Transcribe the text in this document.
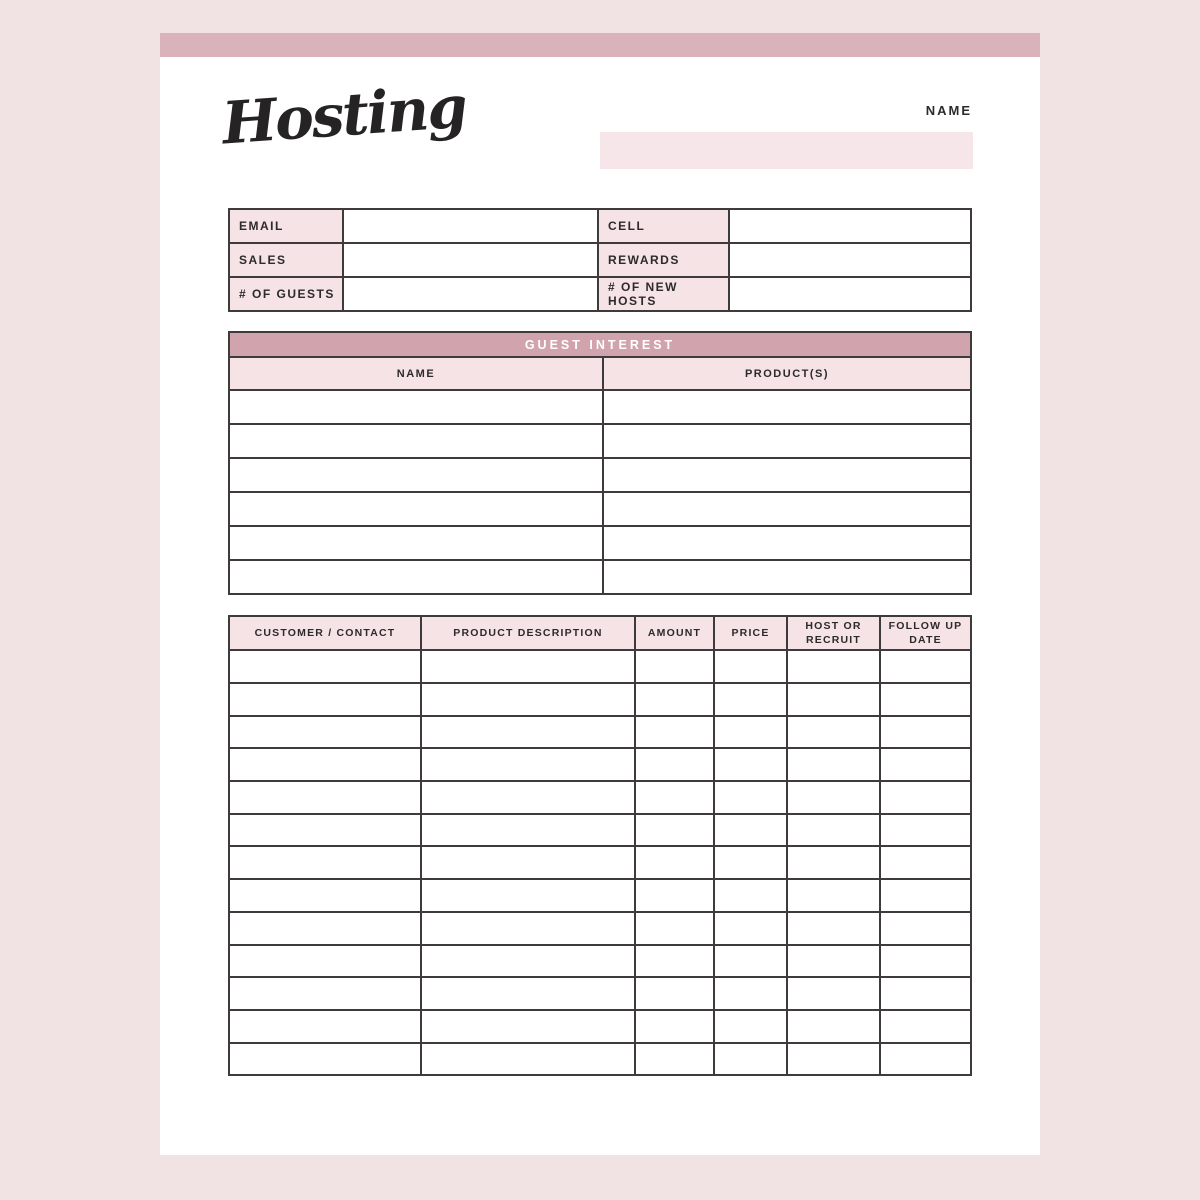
Hosting	NAME
EMAIL		CELL	
SALES		REWARDS	
# OF GUESTS		# OF NEW HOSTS	
GUEST INTEREST	
NAME	PRODUCT(S)

CUSTOMER / CONTACT	PRODUCT DESCRIPTION	AMOUNT	PRICE	HOST OR RECRUIT	FOLLOW UP DATE
